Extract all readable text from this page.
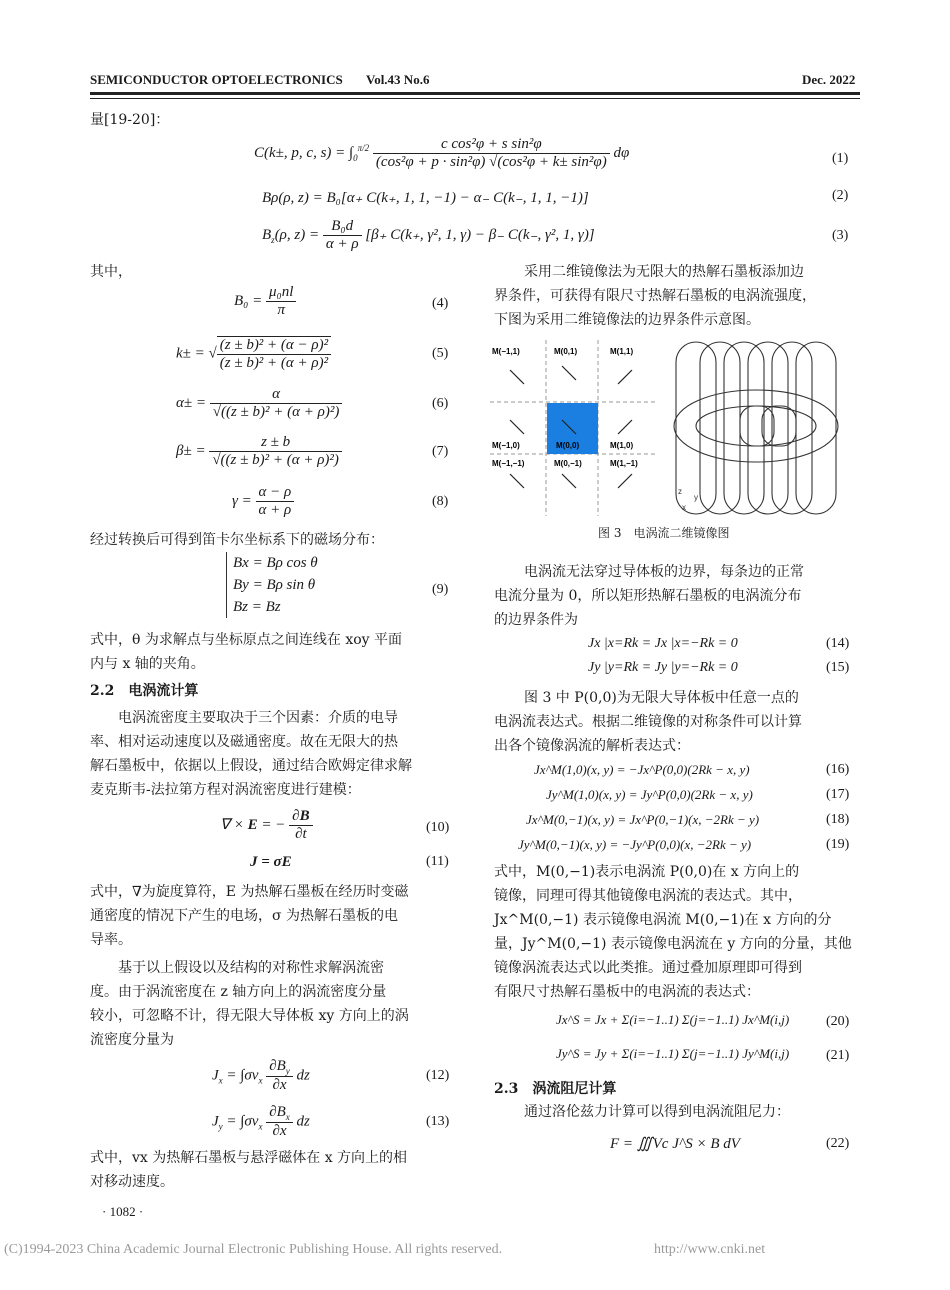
SEMICONDUCTOR OPTOELECTRONICS Vol.43 No.6	Dec. 2022
量[19-20]：
C(k±, p, c, $s) = \int_0^{\pi/2} \frac{\text{c cos²φ + s sin²φ}}{\text{(cos²φ + p · sin²φ) √(cos²φ + k± sin²φ)}}$ dφ	(1)
Bρ(ρ, z) = B₀[α₊ C(k₊, 1, 1, −1) − α₋ C(k₋, 1, 1, −1)]	(2)
$B_z(\rho$, $z) = \frac{\text{B₀d}}{\alpha + \rho} [\beta_+$ C(k₊, γ², 1, γ) − β₋ C(k₋, γ², 1, γ)]	(3)
其中，
$B_0 = \frac{\text{μ₀nl}}{\pi}$	(4)
k± = √ $\frac{\text{(z ± b)² + (α − ρ)²}}{\text{(z ± b)² + (α + ρ)²}}$	(5)
$\alpha\pm = \frac{\alpha}{\text{√((z ± b)² + (α + ρ)²)}}$	(6)
$\beta\pm = \frac{z \pm b}{\text{√((z ± b)² + (α + ρ)²)}}$	(7)
$\gamma = \frac{\alpha - \rho}{\alpha + \rho}$	(8)
经过转换后可得到笛卡尔坐标系下的磁场分布：
Bx = Bρ cos θ
By = Bρ sin θ
Bz = Bz
(9)
式中，θ 为求解点与坐标原点之间连线在 xoy 平面
内与 x 轴的夹角。
2.2　电涡流计算
电涡流密度主要取决于三个因素：介质的电导
率、相对运动速度以及磁通密度。故在无限大的热
解石墨板中，依据以上假设，通过结合欧姆定律求解
麦克斯韦-法拉第方程对涡流密度进行建模：
∇ × E = − $\frac{\partial B}{\partial t}$	(10)
J = σE	(11)
式中，∇为旋度算符，E 为热解石墨板在经历时变磁
通密度的情况下产生的电场，σ 为热解石墨板的电
导率。
基于以上假设以及结构的对称性求解涡流密
度。由于涡流密度在 z 轴方向上的涡流密度分量
较小，可忽略不计，得无限大导体板 xy 方向上的涡
流密度分量为
$J_x = \int\sigma v_x \frac{\partial B_y}{\partial x}$ dz	(12)
$J_y = \int\sigma v_x \frac{\partial B_x}{\partial x}$ dz	(13)
式中，vx 为热解石墨板与悬浮磁体在 x 方向上的相
对移动速度。
· 1082 ·
采用二维镜像法为无限大的热解石墨板添加边
界条件，可获得有限尺寸热解石墨板的电涡流强度，
下图为采用二维镜像法的边界条件示意图。
M(−1,1)	M(0,1)	M(1,1)
M(−1,0)	M(0,0)	M(1,0)
M(−1,−1)	M(0,−1)	M(1,−1)
z
y
x
图 3　电涡流二维镜像图
电涡流无法穿过导体板的边界，每条边的正常
电流分量为 0，所以矩形热解石墨板的电涡流分布
的边界条件为
Jx |x=Rk = Jx |x=−Rk = 0	(14)
Jy |y=Rk = Jy |y=−Rk = 0	(15)
图 3 中 P(0,0)为无限大导体板中任意一点的
电涡流表达式。根据二维镜像的对称条件可以计算
出各个镜像涡流的解析表达式：
Jx^M(1,0)(x, y) = −Jx^P(0,0)(2Rk − x, y)	(16)
Jy^M(1,0)(x, y) = Jy^P(0,0)(2Rk − x, y)	(17)
Jx^M(0,−1)(x, y) = Jx^P(0,−1)(x, −2Rk − y)	(18)
Jy^M(0,−1)(x, y) = −Jy^P(0,0)(x, −2Rk − y)	(19)
式中，M(0,−1)表示电涡流 P(0,0)在 x 方向上的
镜像，同理可得其他镜像电涡流的表达式。其中，
Jx^M(0,−1) 表示镜像电涡流 M(0,−1)在 x 方向的分
量，Jy^M(0,−1) 表示镜像电涡流在 y 方向的分量，其他
镜像涡流表达式以此类推。通过叠加原理即可得到
有限尺寸热解石墨板中的电涡流的表达式：
Jx^S = Jx + Σ(i=−1..1) Σ(j=−1..1) Jx^M(i,j)	(20)
Jy^S = Jy + Σ(i=−1..1) Σ(j=−1..1) Jy^M(i,j)	(21)
2.3　涡流阻尼计算
通过洛伦兹力计算可以得到电涡流阻尼力：
F = ∭Vc J^S × B dV	(22)
(C)1994-2023 China Academic Journal Electronic Publishing House. All rights reserved.	http://www.cnki.net
